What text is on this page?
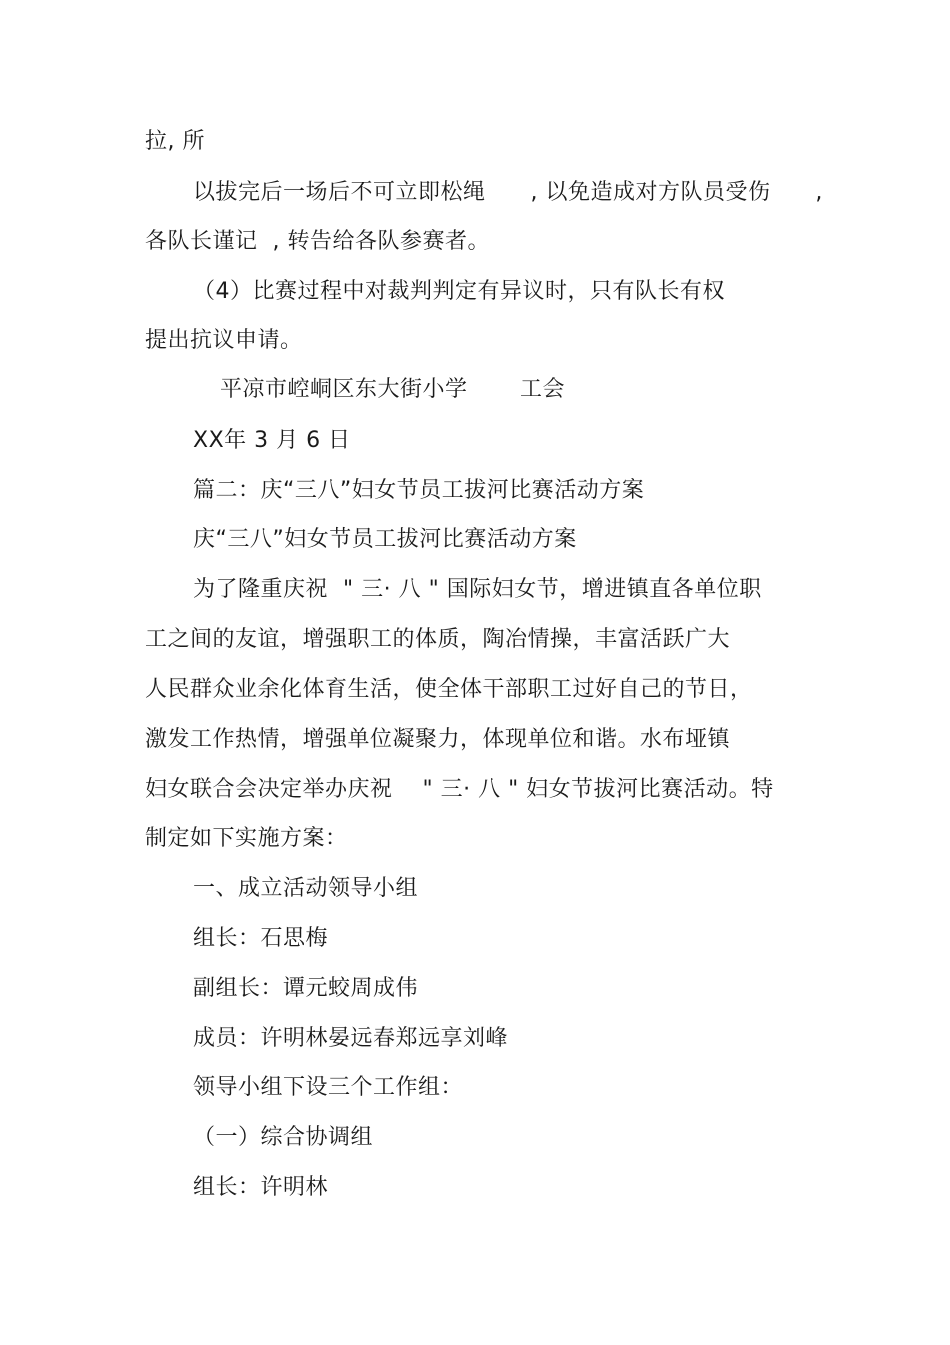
拉, 所
以拔完后一场后不可立即松绳      , 以免造成对方队员受伤      ,
各队长谨记  , 转告给各队参赛者。
（4）比赛过程中对裁判判定有异议时，只有队长有权
提出抗议申请。
平凉市崆峒区东大街小学       工会
XX年 3 月 6 日
篇二：庆“三八”妇女节员工拔河比赛活动方案
庆“三八”妇女节员工拔河比赛活动方案
为了隆重庆祝  " 三· 八 " 国际妇女节，增进镇直各单位职
工之间的友谊，增强职工的体质，陶冶情操，丰富活跃广大
人民群众业余化体育生活，使全体干部职工过好自己的节日，
激发工作热情，增强单位凝聚力，体现单位和谐。水布垭镇
妇女联合会决定举办庆祝    " 三· 八 " 妇女节拔河比赛活动。特
制定如下实施方案：
一、成立活动领导小组
组长：石思梅
副组长：谭元蛟周成伟
成员：许明林晏远春郑远享刘峰
领导小组下设三个工作组：
（一）综合协调组
组长：许明林
